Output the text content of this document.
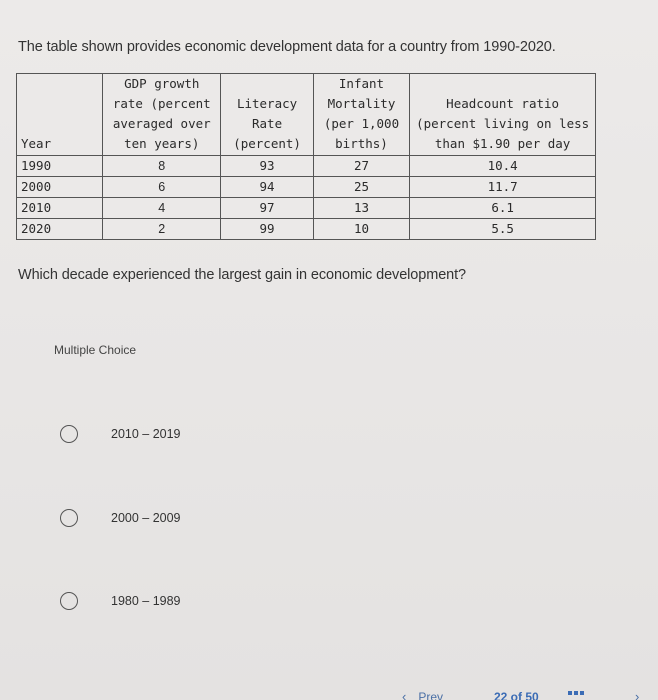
The table shown provides economic development data for a country from 1990-2020.
Year	GDP growth rate (percent averaged over ten years)	Literacy Rate (percent)	Infant Mortality (per 1,000 births)	Headcount ratio (percent living on less than $1.90 per day
1990	8	93	27	10.4
2000	6	94	25	11.7
2010	4	97	13	6.1
2020	2	99	10	5.5
Which decade experienced the largest gain in economic development?
Multiple Choice
2010 – 2019
2000 – 2009
1980 – 1989
‹ Prev	22 of 50	›
